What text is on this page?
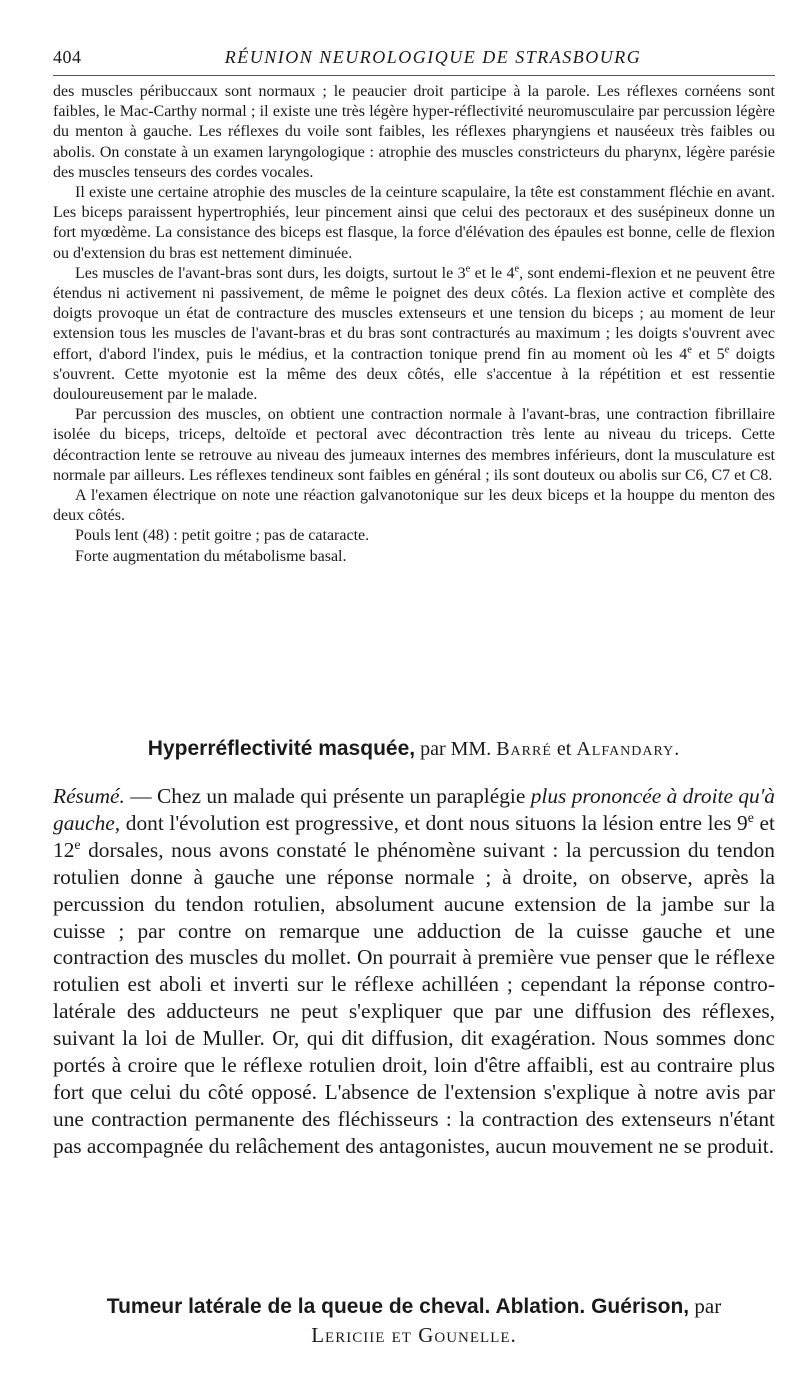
404	RÉUNION NEUROLOGIQUE DE STRASBOURG

des muscles péribuccaux sont normaux ; le peaucier droit participe à la parole. Les réflexes cornéens sont faibles, le Mac-Carthy normal ; il existe une très légère hyper-réflectivité neuromusculaire par percussion légère du menton à gauche. Les réflexes du voile sont faibles, les réflexes pharyngiens et nauséeux très faibles ou abolis. On constate à un examen laryngologique : atrophie des muscles constricteurs du pharynx, légère parésie des muscles tenseurs des cordes vocales.

Il existe une certaine atrophie des muscles de la ceinture scapulaire, la tête est constamment fléchie en avant. Les biceps paraissent hypertrophiés, leur pincement ainsi que celui des pectoraux et des susépineux donne un fort myœdème. La consistance des biceps est flasque, la force d'élévation des épaules est bonne, celle de flexion ou d'extension du bras est nettement diminuée.

Les muscles de l'avant-bras sont durs, les doigts, surtout le 3e et le 4e, sont endemi-flexion et ne peuvent être étendus ni activement ni passivement, de même le poignet des deux côtés. La flexion active et complète des doigts provoque un état de contracture des muscles extenseurs et une tension du biceps ; au moment de leur extension tous les muscles de l'avant-bras et du bras sont contracturés au maximum ; les doigts s'ouvrent avec effort, d'abord l'index, puis le médius, et la contraction tonique prend fin au moment où les 4e et 5e doigts s'ouvrent. Cette myotonie est la même des deux côtés, elle s'accentue à la répétition et est ressentie douloureusement par le malade.

Par percussion des muscles, on obtient une contraction normale à l'avant-bras, une contraction fibrillaire isolée du biceps, triceps, deltoïde et pectoral avec décontraction très lente au niveau du triceps. Cette décontraction lente se retrouve au niveau des jumeaux internes des membres inférieurs, dont la musculature est normale par ailleurs. Les réflexes tendineux sont faibles en général ; ils sont douteux ou abolis sur C6, C7 et C8.

A l'examen électrique on note une réaction galvanotonique sur les deux biceps et la houppe du menton des deux côtés.

Pouls lent (48) : petit goitre ; pas de cataracte.

Forte augmentation du métabolisme basal.

Hyperréflectivité masquée, par MM. Barré et Alfandary.

Résumé. — Chez un malade qui présente un paraplégie plus prononcée à droite qu'à gauche, dont l'évolution est progressive, et dont nous situons la lésion entre les 9e et 12e dorsales, nous avons constaté le phénomène suivant : la percussion du tendon rotulien donne à gauche une réponse normale ; à droite, on observe, après la percussion du tendon rotulien, absolument aucune extension de la jambe sur la cuisse ; par contre on remarque une adduction de la cuisse gauche et une contraction des muscles du mollet. On pourrait à première vue penser que le réflexe rotulien est aboli et inverti sur le réflexe achilléen ; cependant la réponse contro-latérale des adducteurs ne peut s'expliquer que par une diffusion des réflexes, suivant la loi de Muller. Or, qui dit diffusion, dit exagération. Nous sommes donc portés à croire que le réflexe rotulien droit, loin d'être affaibli, est au contraire plus fort que celui du côté opposé. L'absence de l'extension s'explique à notre avis par une contraction permanente des fléchisseurs : la contraction des extenseurs n'étant pas accompagnée du relâchement des antagonistes, aucun mouvement ne se produit.

Tumeur latérale de la queue de cheval. Ablation. Guérison, par
Lericiie et Gounelle.
